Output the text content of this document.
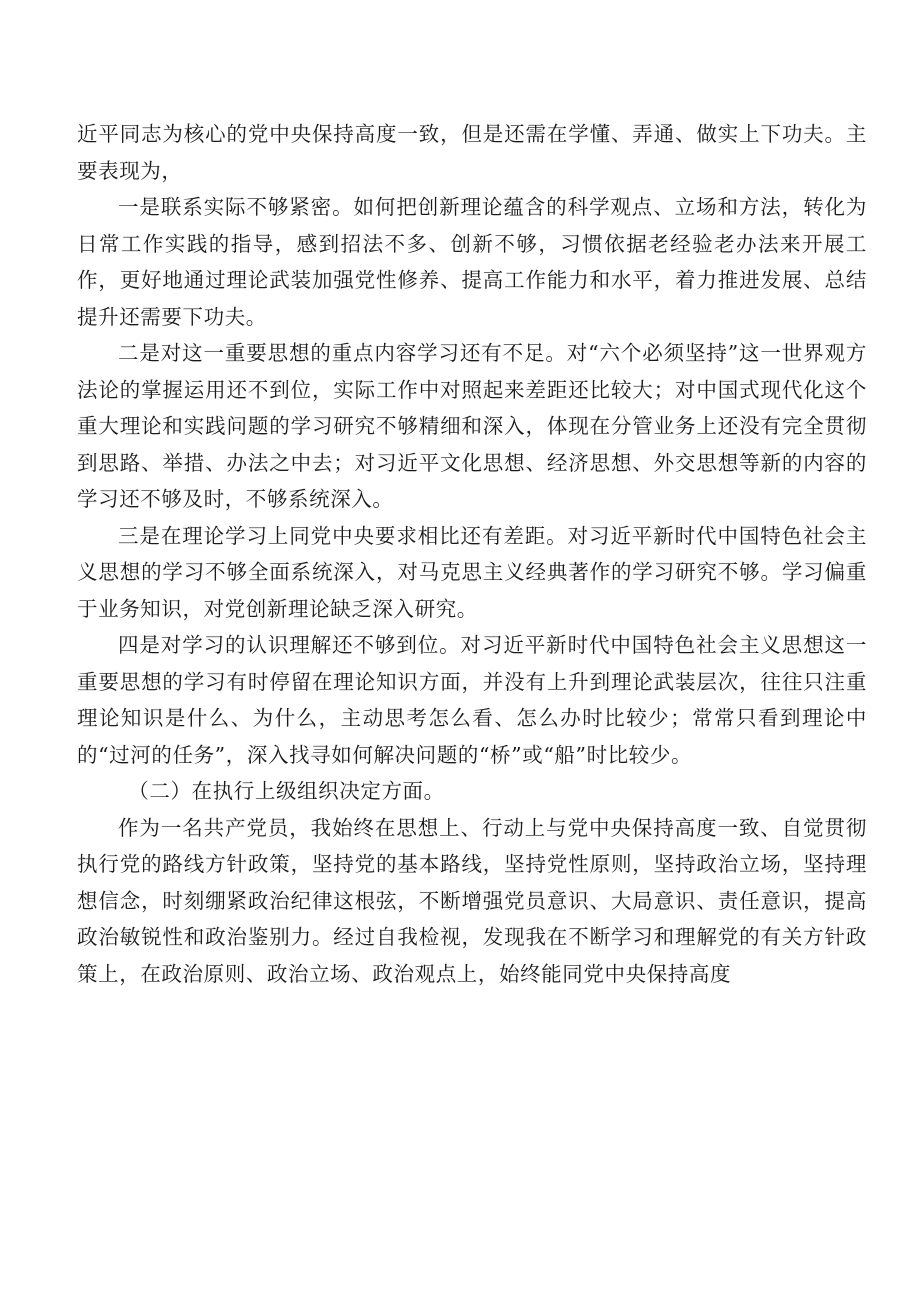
近平同志为核心的党中央保持高度一致，但是还需在学懂、弄通、做实上下功夫。主要表现为，

一是联系实际不够紧密。如何把创新理论蕴含的科学观点、立场和方法，转化为日常工作实践的指导，感到招法不多、创新不够，习惯依据老经验老办法来开展工作，更好地通过理论武装加强党性修养、提高工作能力和水平，着力推进发展、总结提升还需要下功夫。

二是对这一重要思想的重点内容学习还有不足。对“六个必须坚持”这一世界观方法论的掌握运用还不到位，实际工作中对照起来差距还比较大；对中国式现代化这个重大理论和实践问题的学习研究不够精细和深入，体现在分管业务上还没有完全贯彻到思路、举措、办法之中去；对习近平文化思想、经济思想、外交思想等新的内容的学习还不够及时，不够系统深入。

三是在理论学习上同党中央要求相比还有差距。对习近平新时代中国特色社会主义思想的学习不够全面系统深入，对马克思主义经典著作的学习研究不够。学习偏重于业务知识，对党创新理论缺乏深入研究。

四是对学习的认识理解还不够到位。对习近平新时代中国特色社会主义思想这一重要思想的学习有时停留在理论知识方面，并没有上升到理论武装层次，往往只注重理论知识是什么、为什么，主动思考怎么看、怎么办时比较少；常常只看到理论中的“过河的任务”，深入找寻如何解决问题的“桥”或“船”时比较少。

（二）在执行上级组织决定方面。

作为一名共产党员，我始终在思想上、行动上与党中央保持高度一致、自觉贯彻执行党的路线方针政策，坚持党的基本路线，坚持党性原则，坚持政治立场，坚持理想信念，时刻绷紧政治纪律这根弦，不断增强党员意识、大局意识、责任意识，提高政治敏锐性和政治鉴别力。经过自我检视，发现我在不断学习和理解党的有关方针政策上，在政治原则、政治立场、政治观点上，始终能同党中央保持高度
